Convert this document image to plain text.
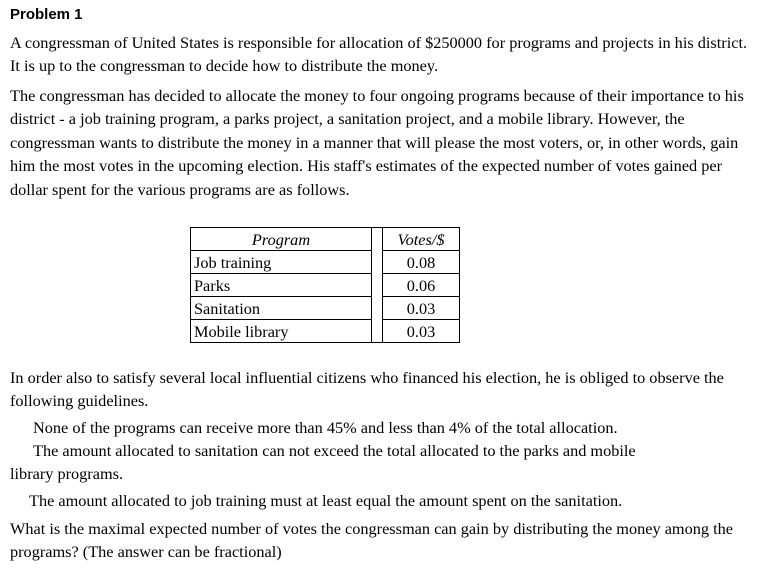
Problem 1

A congressman of United States is responsible for allocation of $250000 for programs and projects in his district. It is up to the congressman to decide how to distribute the money.

The congressman has decided to allocate the money to four ongoing programs because of their importance to his district - a job training program, a parks project, a sanitation project, and a mobile library. However, the congressman wants to distribute the money in a manner that will please the most voters, or, in other words, gain him the most votes in the upcoming election. His staff's estimates of the expected number of votes gained per dollar spent for the various programs are as follows.

Program		Votes/$
Job training		0.08
Parks		0.06
Sanitation		0.03
Mobile library		0.03

In order also to satisfy several local influential citizens who financed his election, he is obliged to observe the following guidelines.

None of the programs can receive more than 45% and less than 4% of the total allocation.

The amount allocated to sanitation can not exceed the total allocated to the parks and mobile

library programs.

The amount allocated to job training must at least equal the amount spent on the sanitation.

What is the maximal expected number of votes the congressman can gain by distributing the money among the programs? (The answer can be fractional)
